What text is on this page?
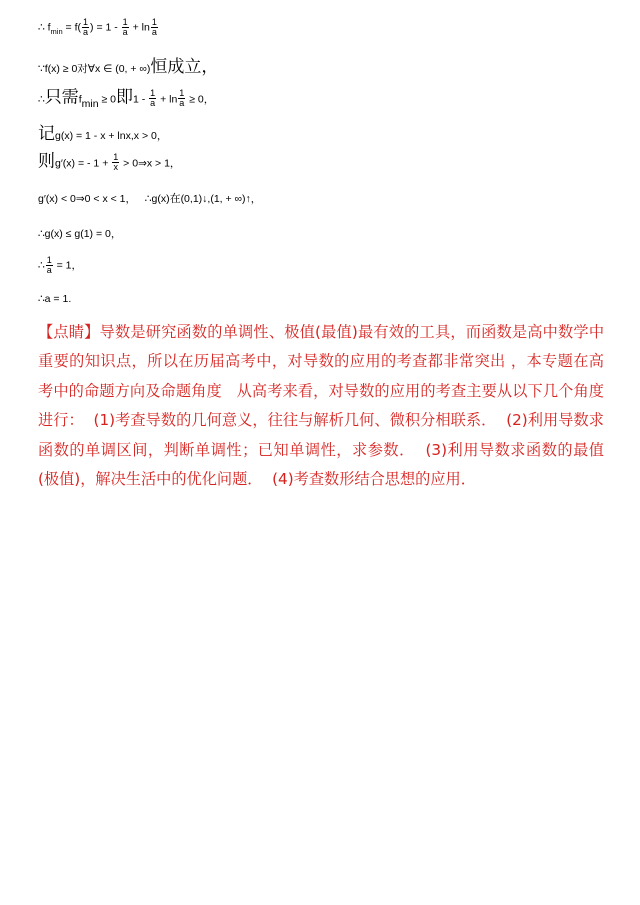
∴ $f_{min} = f( \frac{1}{a}$ ) = $1 - \frac{1}{a} + \ln \frac{1}{a}$
∵f(x) ≥ 0对∀x ∈ (0, + ∞)恒成立，
∴只需$f_{min} \ge 0$即$1 - \frac{1}{a} + \ln \frac{1}{a} \ge 0$，
记g(x) = 1 - x + lnx,x > 0，
则g′(x) = - $1 + \frac{1}{x}$ > 0⇒x > 1，
g′(x) < 0⇒0 < x < 1， ∴g(x)在(0,1)↓,(1, + ∞)↑，
∴g(x) ≤ g(1) = 0，
∴ $\frac{1}{a} = 1$，
∴a = 1.

【点睛】导数是研究函数的单调性、极值(最值)最有效的工具，而函数是高中数学中重要的知识点，所以在历届高考中，对导数的应用的考查都非常突出 ，本专题在高考中的命题方向及命题角度   从高考来看，对导数的应用的考查主要从以下几个角度进行：  (1)考查导数的几何意义，往往与解析几何、微积分相联系．  (2)利用导数求函数的单调区间，判断单调性；已知单调性，求参数．  (3)利用导数求函数的最值(极值)，解决生活中的优化问题．  (4)考查数形结合思想的应用．
